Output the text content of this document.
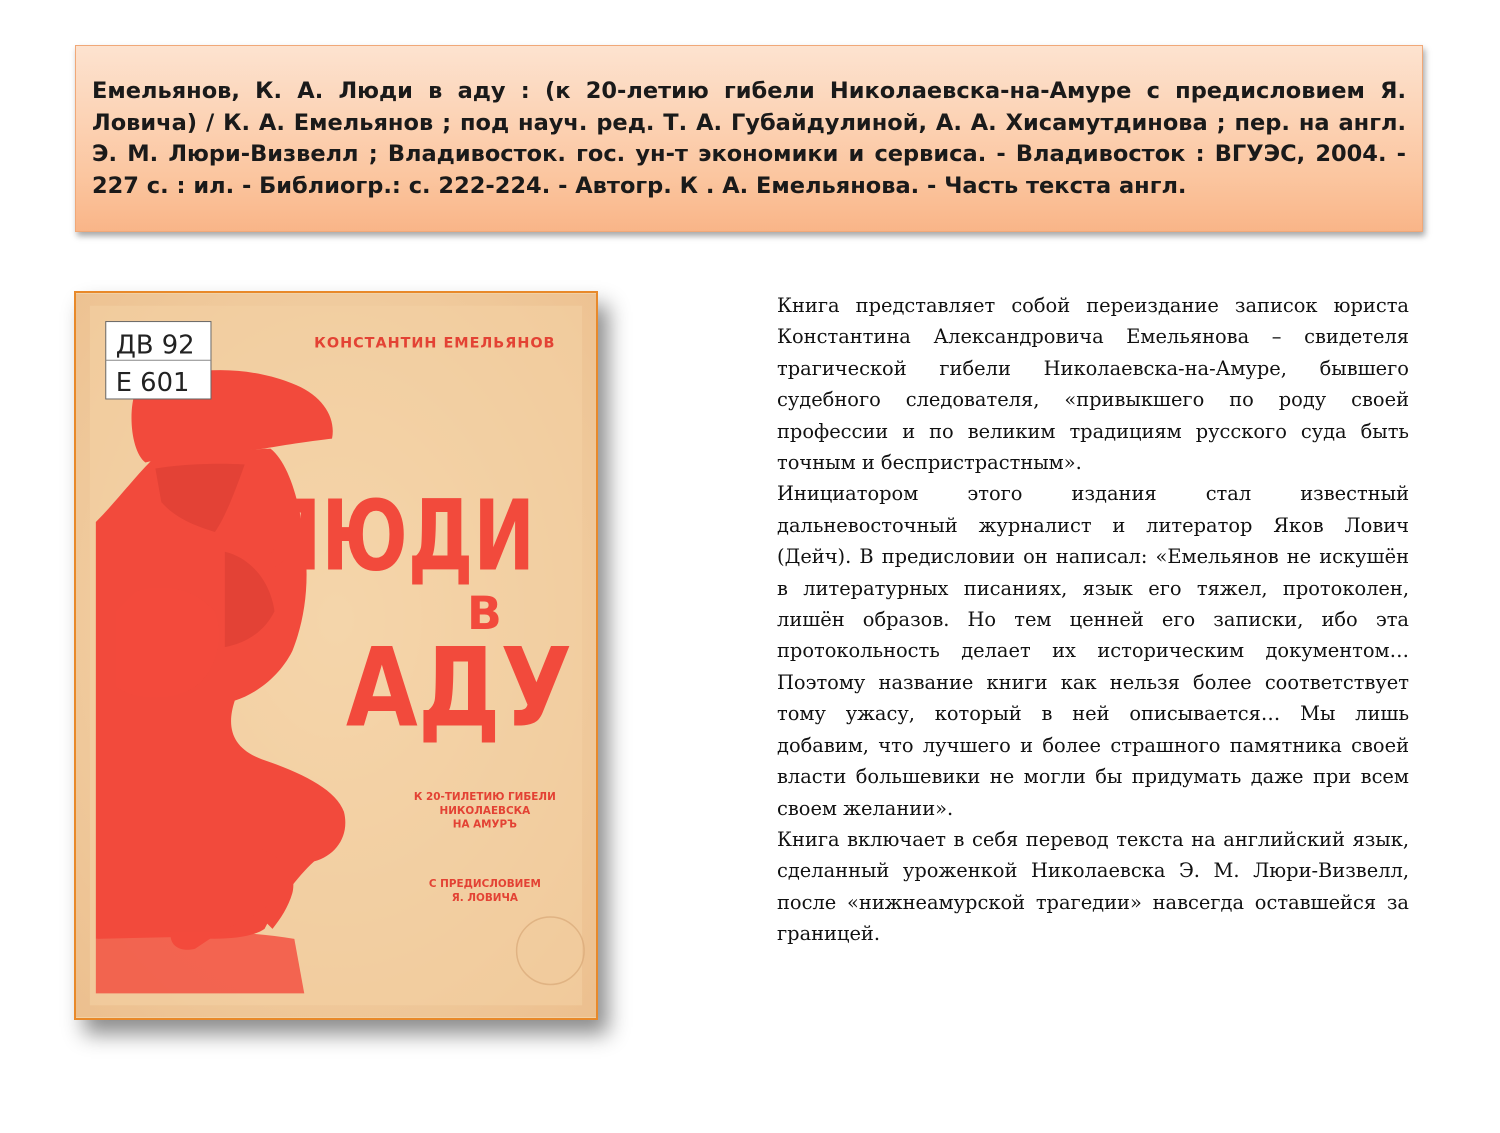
Емельянов, К. А. Люди в аду : (к 20-летию гибели Николаевска-на-Амуре с предисловием Я. Ловича) / К. А. Емельянов ; под науч. ред. Т. А. Губайдулиной, А. А. Хисамутдинова ; пер. на англ. Э. М. Люри-Визвелл ; Владивосток. гос. ун-т экономики и сервиса. - Владивосток : ВГУЭС, 2004. - 227 с. : ил. - Библиогр.: с. 222-224. - Автогр. К . А. Емельянова. - Часть текста англ.

ДВ 92
Е 601
КОНСТАНТИН ЕМЕЛЬЯНОВ
ЛЮДИ
В
АДУ
К 20-ТИЛЕТИЮ ГИБЕЛИ
НИКОЛАЕВСКА
НА АМУРЪ
С ПРЕДИСЛОВИЕМ
Я. ЛОВИЧА

Книга представляет собой переиздание записок юриста Константина Александровича Емельянова – свидетеля трагической гибели Николаевска-на-Амуре, бывшего судебного следователя, «привыкшего по роду своей профессии и по великим традициям русского суда быть точным и беспристрастным».

Инициатором этого издания стал известный дальневосточный журналист и литератор Яков Лович (Дейч). В предисловии он написал: «Емельянов не искушён в литературных писаниях, язык его тяжел, протоколен, лишён образов. Но тем ценней его записки, ибо эта протокольность делает их историческим документом… Поэтому название книги как нельзя более соответствует тому ужасу, который в ней описывается… Мы лишь добавим, что лучшего и более страшного памятника своей власти большевики не могли бы придумать даже при всем своем желании».

Книга включает в себя перевод текста на английский язык, сделанный уроженкой Николаевска Э. М. Люри-Визвелл, после «нижнеамурской трагедии» навсегда оставшейся за границей.
